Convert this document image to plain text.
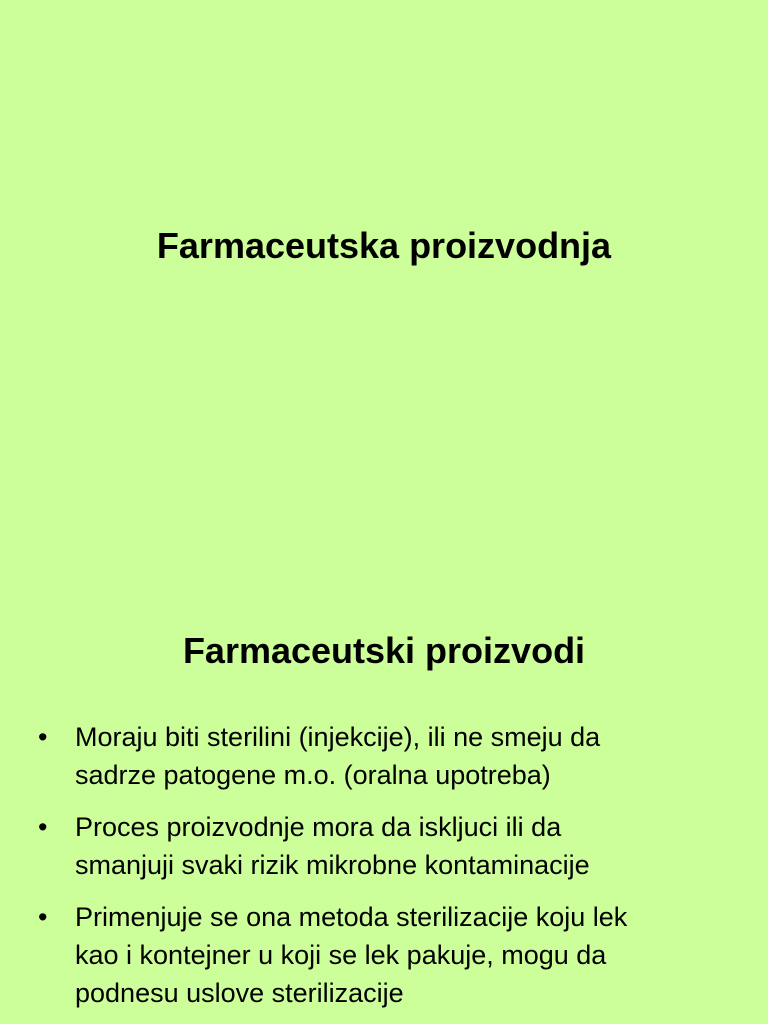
Farmaceutska proizvodnja
Farmaceutski proizvodi
• Moraju biti sterilini (injekcije), ili ne smeju da
sadrze patogene m.o. (oralna upotreba)
• Proces proizvodnje mora da iskljuci ili da
smanjuji svaki rizik mikrobne kontaminacije
• Primenjuje se ona metoda sterilizacije koju lek
kao i kontejner u koji se lek pakuje, mogu da
podnesu uslove sterilizacije
